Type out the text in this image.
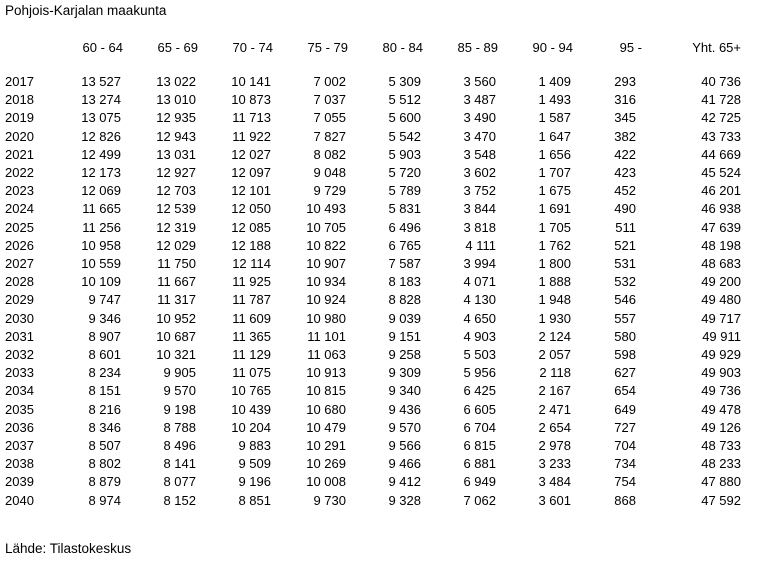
Pohjois-Karjalan maakunta
	60 - 64	65 - 69	70 - 74	75 - 79	80 - 84	85 - 89	90 - 94	95 -	Yht. 65+

2017	13 527	13 022	10 141	7 002	5 309	3 560	1 409	293	40 736
2018	13 274	13 010	10 873	7 037	5 512	3 487	1 493	316	41 728
2019	13 075	12 935	11 713	7 055	5 600	3 490	1 587	345	42 725
2020	12 826	12 943	11 922	7 827	5 542	3 470	1 647	382	43 733
2021	12 499	13 031	12 027	8 082	5 903	3 548	1 656	422	44 669
2022	12 173	12 927	12 097	9 048	5 720	3 602	1 707	423	45 524
2023	12 069	12 703	12 101	9 729	5 789	3 752	1 675	452	46 201
2024	11 665	12 539	12 050	10 493	5 831	3 844	1 691	490	46 938
2025	11 256	12 319	12 085	10 705	6 496	3 818	1 705	511	47 639
2026	10 958	12 029	12 188	10 822	6 765	4 111	1 762	521	48 198
2027	10 559	11 750	12 114	10 907	7 587	3 994	1 800	531	48 683
2028	10 109	11 667	11 925	10 934	8 183	4 071	1 888	532	49 200
2029	9 747	11 317	11 787	10 924	8 828	4 130	1 948	546	49 480
2030	9 346	10 952	11 609	10 980	9 039	4 650	1 930	557	49 717
2031	8 907	10 687	11 365	11 101	9 151	4 903	2 124	580	49 911
2032	8 601	10 321	11 129	11 063	9 258	5 503	2 057	598	49 929
2033	8 234	9 905	11 075	10 913	9 309	5 956	2 118	627	49 903
2034	8 151	9 570	10 765	10 815	9 340	6 425	2 167	654	49 736
2035	8 216	9 198	10 439	10 680	9 436	6 605	2 471	649	49 478
2036	8 346	8 788	10 204	10 479	9 570	6 704	2 654	727	49 126
2037	8 507	8 496	9 883	10 291	9 566	6 815	2 978	704	48 733
2038	8 802	8 141	9 509	10 269	9 466	6 881	3 233	734	48 233
2039	8 879	8 077	9 196	10 008	9 412	6 949	3 484	754	47 880
2040	8 974	8 152	8 851	9 730	9 328	7 062	3 601	868	47 592
Lähde: Tilastokeskus
